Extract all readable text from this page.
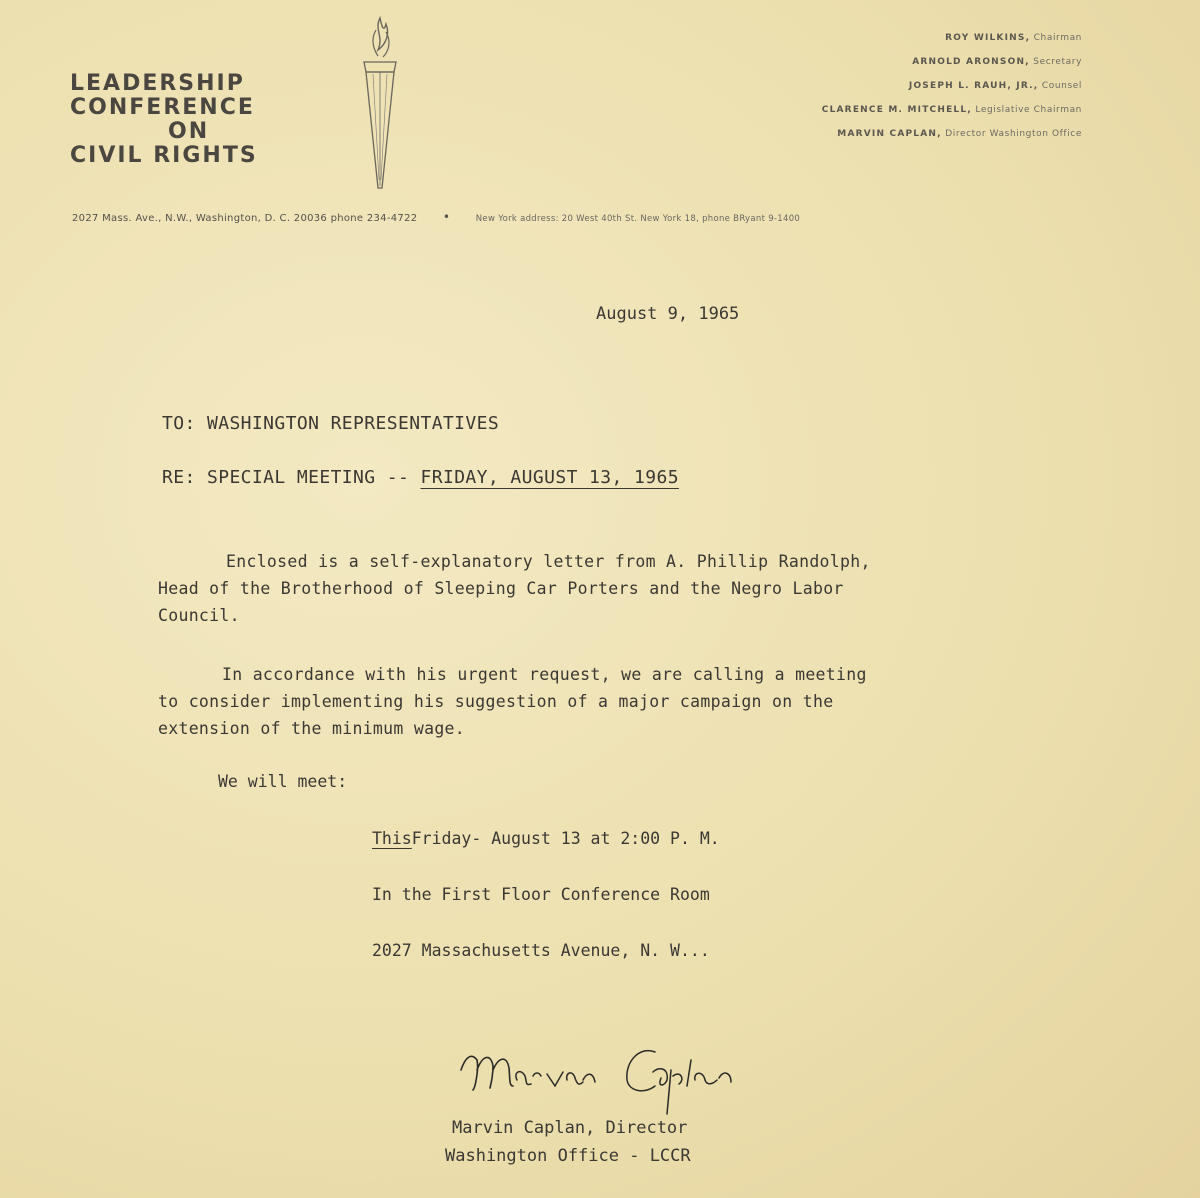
LEADERSHIP
CONFERENCE
ON
CIVIL RIGHTS
ROY WILKINS, Chairman
ARNOLD ARONSON, Secretary
JOSEPH L. RAUH, JR., Counsel
CLARENCE M. MITCHELL, Legislative Chairman
MARVIN CAPLAN, Director Washington Office
2027 Mass. Ave., N.W., Washington, D. C. 20036 phone 234-4722 •	New York address: 20 West 40th St. New York 18, phone BRyant 9-1400
August 9, 1965
TO: WASHINGTON REPRESENTATIVES
RE: SPECIAL MEETING -- FRIDAY, AUGUST 13, 1965
Enclosed is a self-explanatory letter from A. Phillip Randolph,
Head of the Brotherhood of Sleeping Car Porters and the Negro Labor
Council.
In accordance with his urgent request, we are calling a meeting
to consider implementing his suggestion of a major campaign on the
extension of the minimum wage.
We will meet:
ThisFriday- August 13 at 2:00 P. M.
In the First Floor Conference Room
2027 Massachusetts Avenue, N. W...
Marvin Caplan, Director
Washington Office - LCCR
